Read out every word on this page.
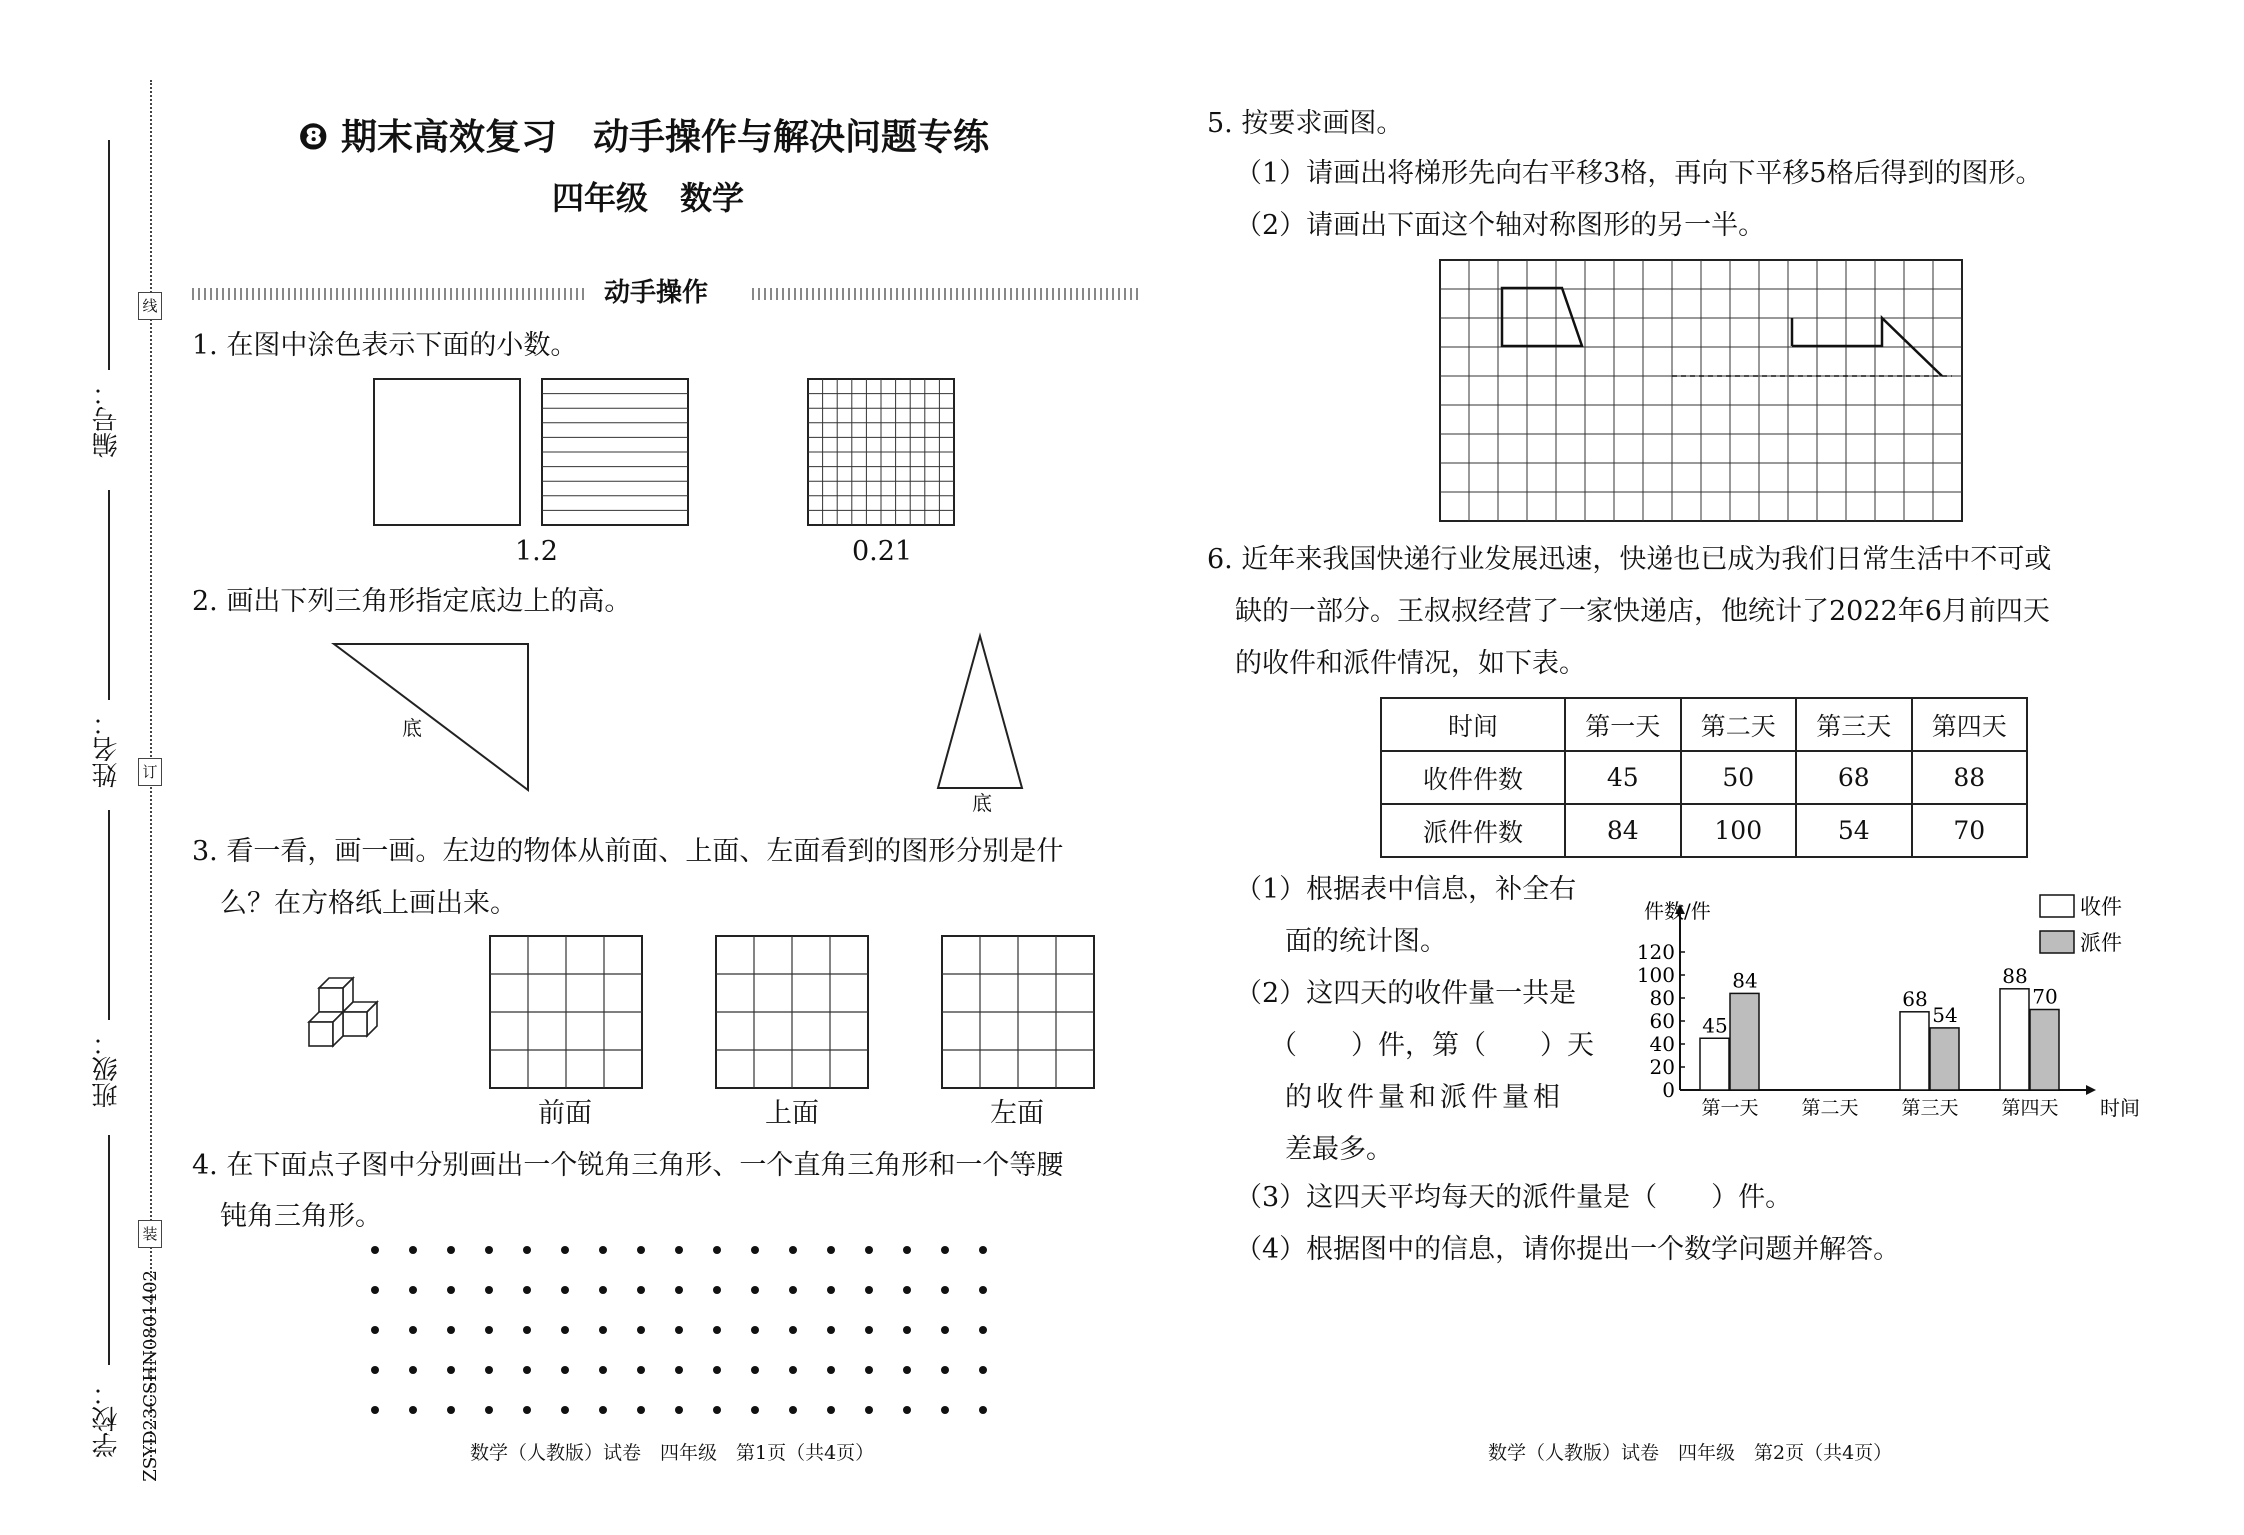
线
订
装
编号：
姓名：
班级：
学校： ZSYD23CSHN0801402
❽ 期末高效复习　动手操作与解决问题专练
四年级　数学
动手操作
1. 在图中涂色表示下面的小数。
1.2	0.21
2. 画出下列三角形指定底边上的高。
底
底
3. 看一看，画一画。左边的物体从前面、上面、左面看到的图形分别是什
么？在方格纸上画出来。
前面	上面	左面
4. 在下面点子图中分别画出一个锐角三角形、一个直角三角形和一个等腰
钝角三角形。
数学（人教版）试卷　四年级　第1页（共4页）
5. 按要求画图。
（1）请画出将梯形先向右平移3格，再向下平移5格后得到的图形。
（2）请画出下面这个轴对称图形的另一半。
6. 近年来我国快递行业发展迅速，快递也已成为我们日常生活中不可或
缺的一部分。王叔叔经营了一家快递店，他统计了2022年6月前四天
的收件和派件情况，如下表。
时间	第一天	第二天	第三天	第四天
收件件数	45	50	68	88
派件件数	84	100	54	70
（1）根据表中信息，补全右
面的统计图。
（2）这四天的收件量一共是
（　　）件，第（　　）天
的收件量和派件量相
差最多。
（3）这四天平均每天的派件量是（　　）件。
（4）根据图中的信息，请你提出一个数学问题并解答。
件数/件
时间
0
20
40
60
80
100
120
第一天
45
84
第二天 第三天
68
54
第四天
88
70
收件
派件
数学（人教版）试卷　四年级　第2页（共4页）
